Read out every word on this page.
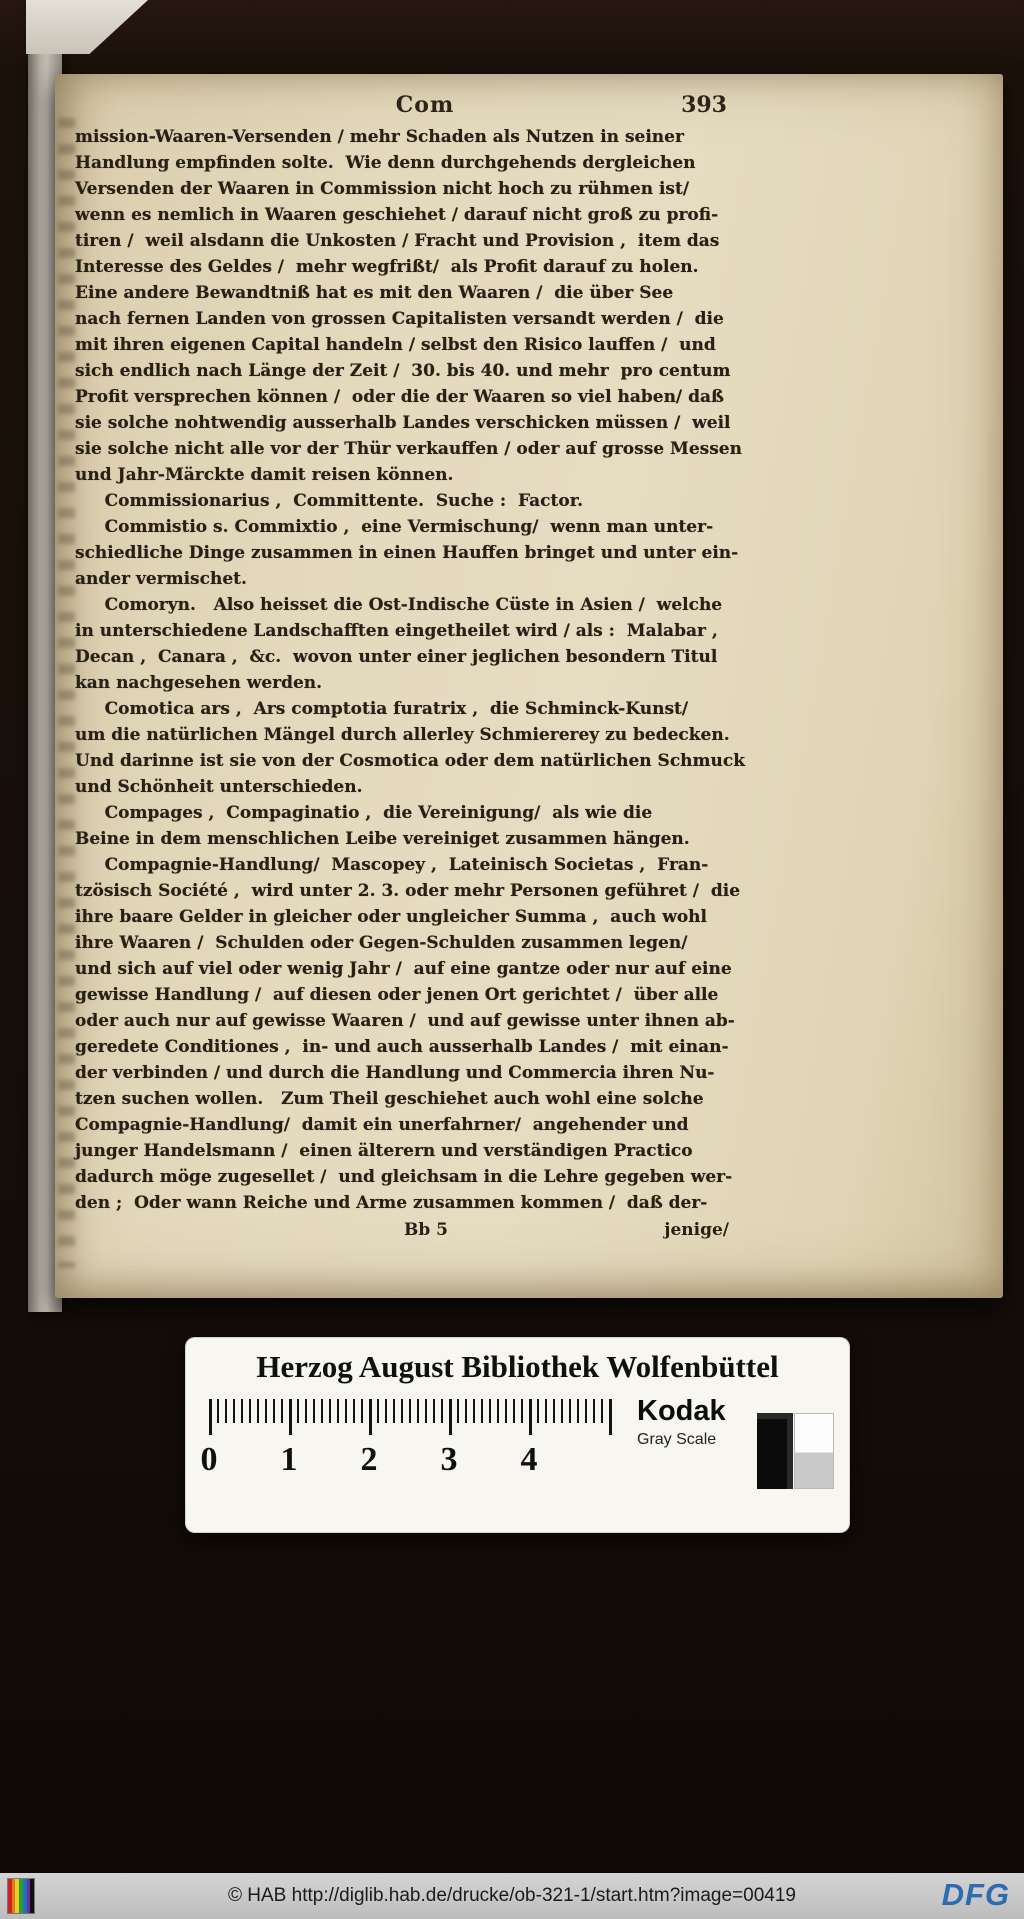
Com	393
mission-Waaren-Versenden / mehr Schaden als Nutzen in seiner
Handlung empfinden solte.  Wie denn durchgehends dergleichen
Versenden der Waaren in Commission nicht hoch zu rühmen ist/
wenn es nemlich in Waaren geschiehet / darauf nicht groß zu profi-
tiren /  weil alsdann die Unkosten / Fracht und Provision ,  item das
Interesse des Geldes /  mehr wegfrißt/  als Profit darauf zu holen.
Eine andere Bewandtniß hat es mit den Waaren /  die über See
nach fernen Landen von grossen Capitalisten versandt werden /  die
mit ihren eigenen Capital handeln / selbst den Risico lauffen /  und
sich endlich nach Länge der Zeit /  30. bis 40. und mehr  pro centum
Profit versprechen können /  oder die der Waaren so viel haben/ daß
sie solche nohtwendig ausserhalb Landes verschicken müssen /  weil
sie solche nicht alle vor der Thür verkauffen / oder auf grosse Messen
und Jahr-Märckte damit reisen können.
Commissionarius ,  Committente.  Suche :  Factor.
Commistio s. Commixtio ,  eine Vermischung/  wenn man unter-
schiedliche Dinge zusammen in einen Hauffen bringet und unter ein-
ander vermischet.
Comoryn.   Also heisset die Ost-Indische Cüste in Asien /  welche
in unterschiedene Landschafften eingetheilet wird / als :  Malabar ,
Decan ,  Canara ,  &c.  wovon unter einer jeglichen besondern Titul
kan nachgesehen werden.
Comotica ars ,  Ars comptotia furatrix ,  die Schminck-Kunst/
um die natürlichen Mängel durch allerley Schmiererey zu bedecken.
Und darinne ist sie von der Cosmotica oder dem natürlichen Schmuck
und Schönheit unterschieden.
Compages ,  Compaginatio ,  die Vereinigung/  als wie die
Beine in dem menschlichen Leibe vereiniget zusammen hängen.
Compagnie-Handlung/  Mascopey ,  Lateinisch Societas ,  Fran-
tzösisch Société ,  wird unter 2. 3. oder mehr Personen geführet /  die
ihre baare Gelder in gleicher oder ungleicher Summa ,  auch wohl
ihre Waaren /  Schulden oder Gegen-Schulden zusammen legen/
und sich auf viel oder wenig Jahr /  auf eine gantze oder nur auf eine
gewisse Handlung /  auf diesen oder jenen Ort gerichtet /  über alle
oder auch nur auf gewisse Waaren /  und auf gewisse unter ihnen ab-
geredete Conditiones ,  in- und auch ausserhalb Landes /  mit einan-
der verbinden / und durch die Handlung und Commercia ihren Nu-
tzen suchen wollen.   Zum Theil geschiehet auch wohl eine solche
Compagnie-Handlung/  damit ein unerfahrner/  angehender und
junger Handelsmann /  einen älterern und verständigen Practico
dadurch möge zugesellet /  und gleichsam in die Lehre gegeben wer-
den ;  Oder wann Reiche und Arme zusammen kommen /  daß der-
Bb 5	jenige/
Herzog August Bibliothek Wolfenbüttel
0 1 2 3 4
Kodak
Gray Scale
© HAB http://diglib.hab.de/drucke/ob-321-1/start.htm?image=00419	DFG
